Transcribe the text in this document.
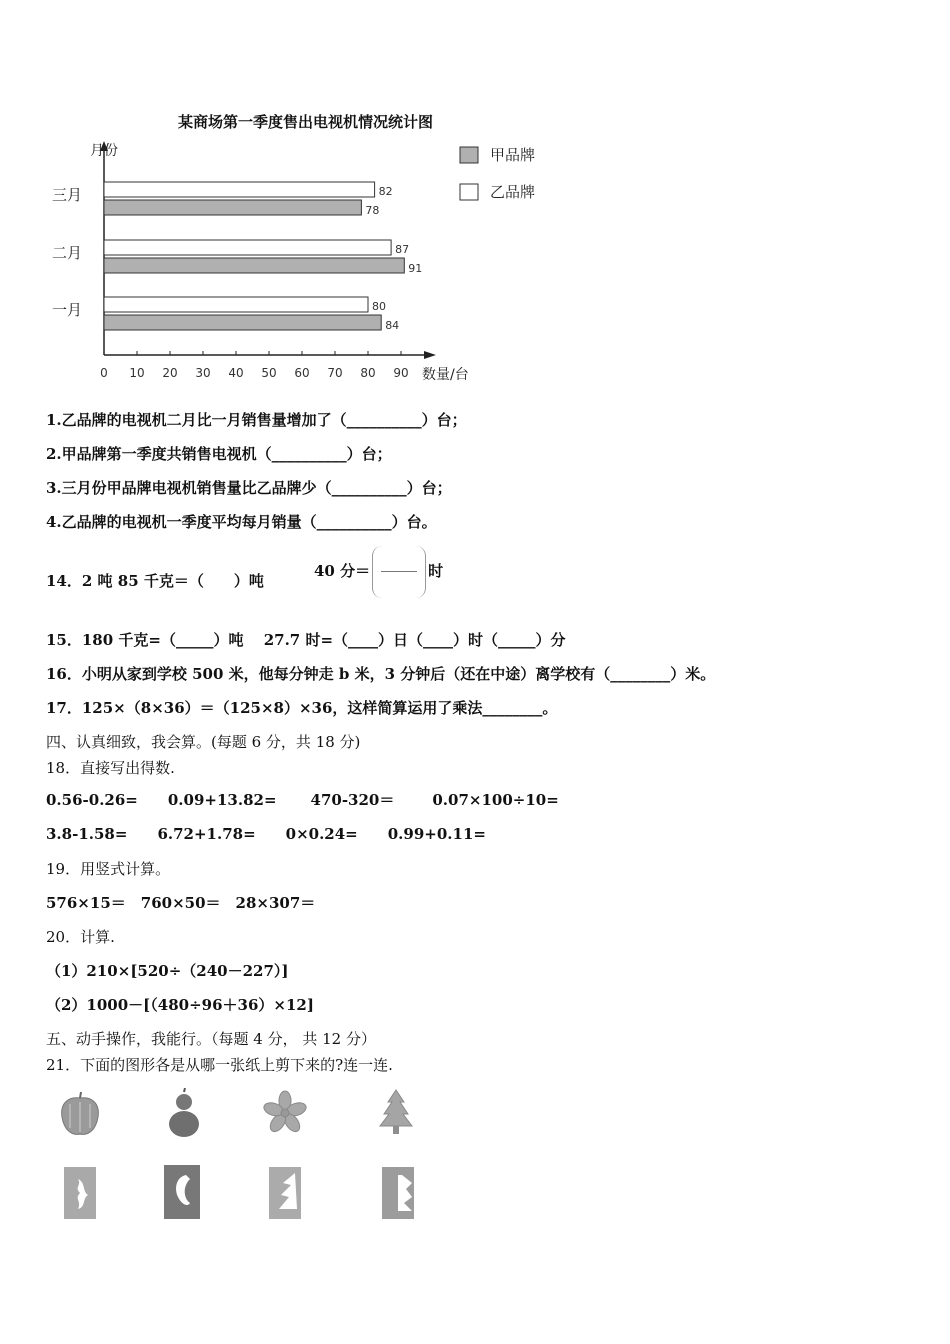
某商场第一季度售出电视机情况统计图
月份
数量/台
0 10 20 30 40 50 60 70 80 90
三月	82
78
二月	87
91
一月	80
84
甲品牌
乙品牌
1.乙品牌的电视机二月比一月销售量增加了（__________）台；
2.甲品牌第一季度共销售电视机（__________）台；
3.三月份甲品牌电视机销售量比乙品牌少（__________）台；
4.乙品牌的电视机一季度平均每月销量（__________）台。
14．2 吨 85 千克＝（　　）吨
40 分＝	时
15．180 千克=（_____）吨　 27.7 时=（____）日（____）时（_____）分
16．小明从家到学校 500 米，他每分钟走 b 米，3 分钟后（还在中途）离学校有（________）米。
17．125×（8×36）＝（125×8）×36，这样简算运用了乘法________。
四、认真细致，我会算。(每题 6 分，共 18 分)
18．直接写出得数.
0.56-0.26= 0.09+13.82= 470-320＝	0.07×100÷10=
3.8-1.58= 6.72+1.78= 0×0.24= 0.99+0.11=
19．用竖式计算。
576×15＝　760×50＝　28×307＝
20．计算.
（1）210×[520÷（240－227）]
（2）1000－[（480÷96＋36）×12]
五、动手操作，我能行。（每题 4 分， 共 12 分）
21．下面的图形各是从哪一张纸上剪下来的?连一连.
